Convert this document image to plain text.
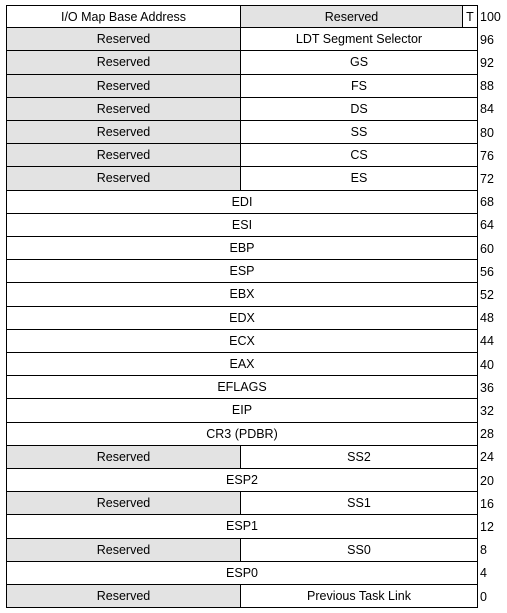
I/O Map Base Address	Reserved	T 100
Reserved	LDT Segment Selector	96
Reserved	GS	92
Reserved	FS	88
Reserved	DS	84
Reserved	SS	80
Reserved	CS	76
Reserved	ES	72
EDI	68
ESI	64
EBP	60
ESP	56
EBX	52
EDX	48
ECX	44
EAX	40
EFLAGS	36
EIP	32
CR3 (PDBR)	28
Reserved	SS2	24
ESP2	20
Reserved	SS1	16
ESP1	12
Reserved	SS0	8
ESP0	4
Reserved	Previous Task Link	0
